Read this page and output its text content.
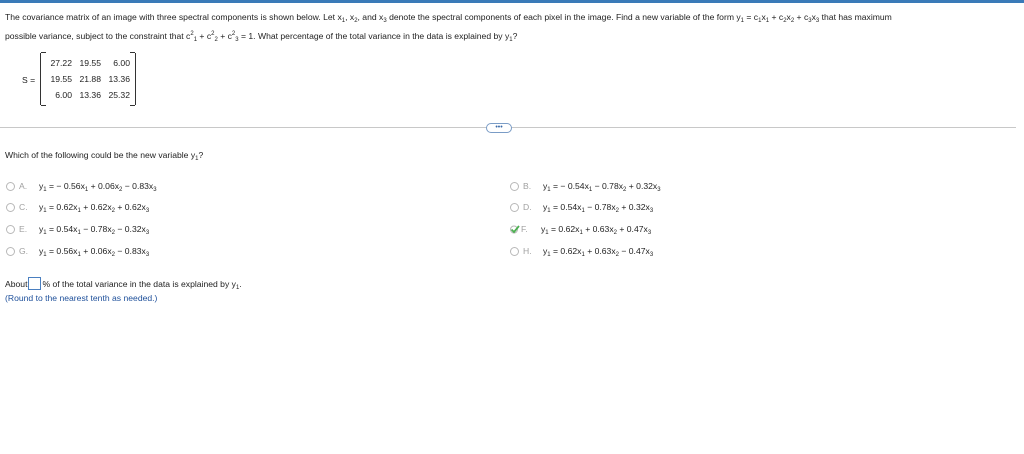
The covariance matrix of an image with three spectral components is shown below. Let $x_1$, $x_2$, and $x_3$ denote the spectral components of each pixel in the image. Find a new variable of the form $y_1 = c_1x_1 + c_2x_2 + c_3x_3$ that has maximum
possible variance, subject to the constraint that $c^2_1 + c^2_2 + c^2_3 = 1$. What percentage of the total variance in the data is explained by $y_1$?
S =
27.22 19.55	6.00
19.55 21.88 13.36
6.00 13.36 25.32
•••
Which of the following could be the new variable $y_1$?
A.	$y_1$ = − $0.56x_1 + 0.06x_2 - 0.83x_3$	B.	$y_1$ = − $0.54x_1 - 0.78x_2 + 0.32x_3$
C.	$y_1 = 0.62x_1 + 0.62x_2 + 0.62x_3$	D.	$y_1 = 0.54x_1 - 0.78x_2 + 0.32x_3$
E.	$y_1 = 0.54x_1 - 0.78x_2 - 0.32x_3$	F.	$y_1 = 0.62x_1 + 0.63x_2 + 0.47x_3$
G.	$y_1 = 0.56x_1 + 0.06x_2 - 0.83x_3$	H.	$y_1 = 0.62x_1 + 0.63x_2 - 0.47x_3$
About % of the total variance in the data is explained by $y_1$.
(Round to the nearest tenth as needed.)
